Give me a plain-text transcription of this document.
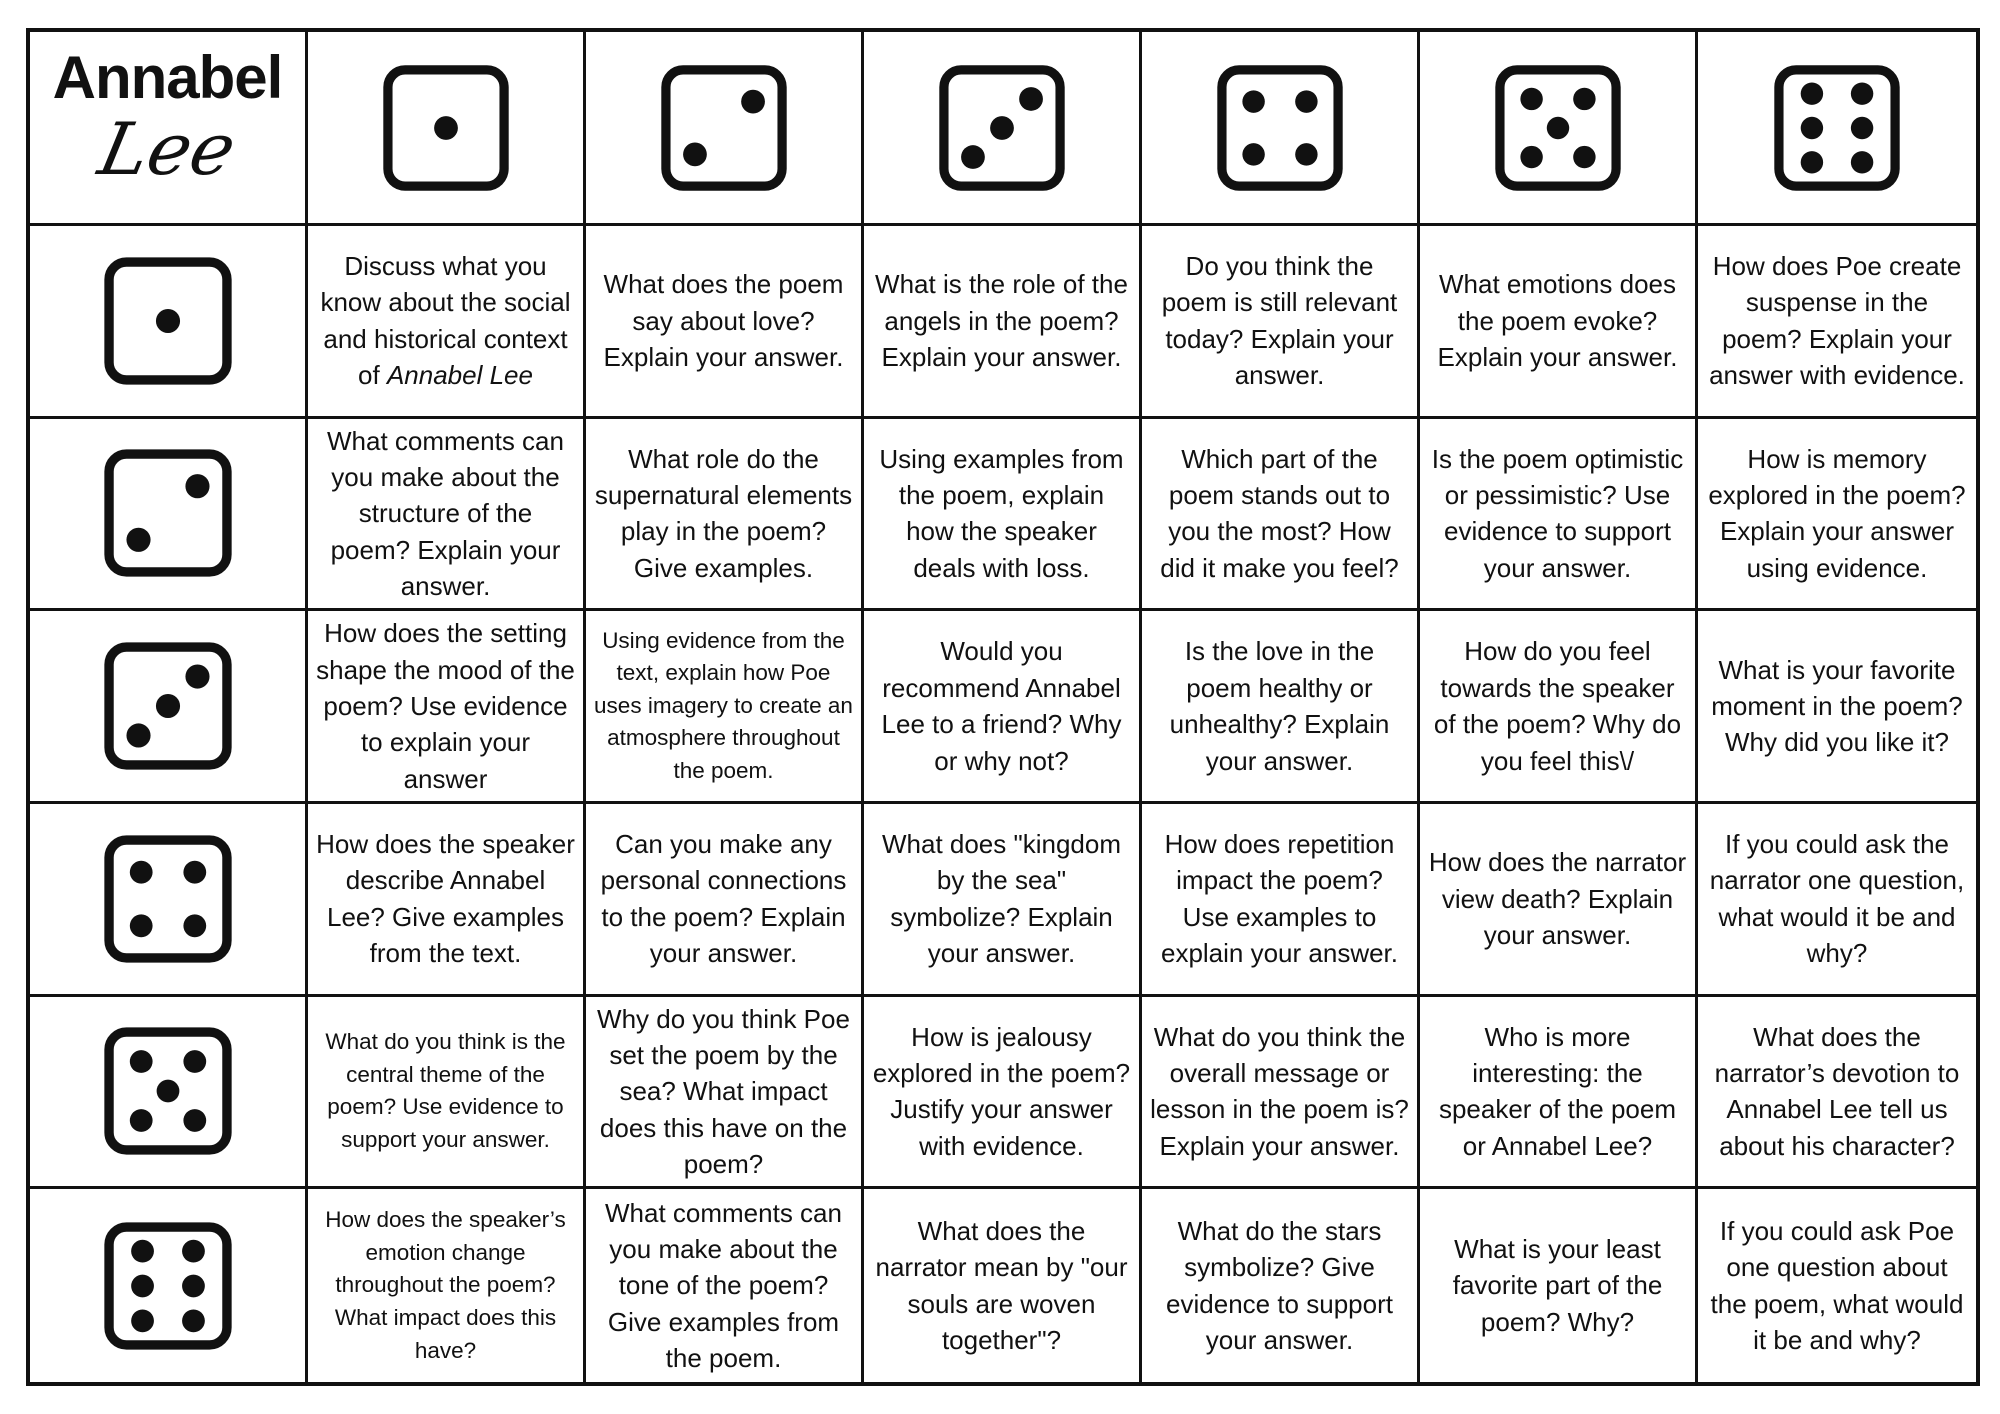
Annabel
Lee
Discuss what you know about the social and historical context of Annabel Lee
What does the poem say about love? Explain your answer.
What is the role of the angels in the poem? Explain your answer.
Do you think the poem is still relevant today? Explain your answer.
What emotions does the poem evoke? Explain your answer.
How does Poe create suspense in the poem? Explain your answer with evidence.
What comments can you make about the structure of the poem? Explain your answer.
What role do the supernatural elements play in the poem? Give examples.
Using examples from the poem, explain how the speaker deals with loss.
Which part of the poem stands out to you the most? How did it make you feel?
Is the poem optimistic or pessimistic? Use evidence to support your answer.
How is memory explored in the poem? Explain your answer using evidence.
How does the setting shape the mood of the poem? Use evidence to explain your answer
Using evidence from the text, explain how Poe uses imagery to create an atmosphere throughout the poem.
Would you recommend Annabel Lee to a friend? Why or why not?
Is the love in the poem healthy or unhealthy? Explain your answer.
How do you feel towards the speaker of the poem? Why do you feel this\/
What is your favorite moment in the poem? Why did you like it?
How does the speaker describe Annabel Lee? Give examples from the text.
Can you make any personal connections to the poem? Explain your answer.
What does "kingdom by the sea" symbolize? Explain your answer.
How does repetition impact the poem? Use examples to explain your answer.
How does the narrator view death? Explain your answer.
If you could ask the narrator one question, what would it be and why?
What do you think is the central theme of the poem? Use evidence to support your answer.
Why do you think Poe set the poem by the sea? What impact does this have on the poem?
How is jealousy explored in the poem? Justify your answer with evidence.
What do you think the overall message or lesson in the poem is? Explain your answer.
Who is more interesting: the speaker of the poem or Annabel Lee?
What does the narrator’s devotion to Annabel Lee tell us about his character?
How does the speaker’s emotion change throughout the poem? What impact does this have?
What comments can you make about the tone of the poem? Give examples from the poem.
What does the narrator mean by "our souls are woven together"?
What do the stars symbolize? Give evidence to support your answer.
What is your least favorite part of the poem? Why?
If you could ask Poe one question about the poem, what would it be and why?
